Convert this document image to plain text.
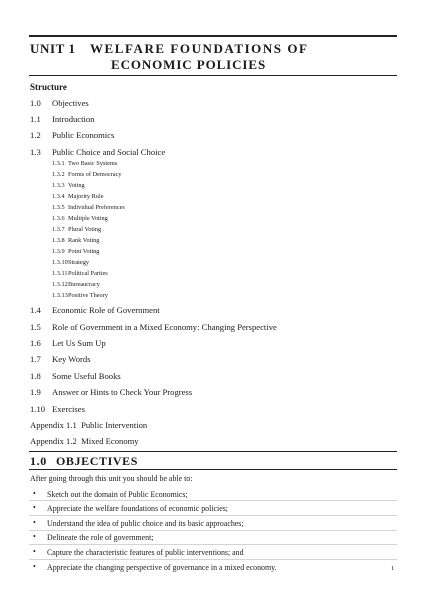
UNIT 1 WELFARE FOUNDATIONS OF
ECONOMIC POLICIES
Structure
1.0 Objectives
1.1 Introduction
1.2 Public Economics
1.3 Public Choice and Social Choice
1.3.1 Two Basic Systems
1.3.2 Forms of Democracy
1.3.3 Voting
1.3.4 Majority Rule
1.3.5 Individual Preferences
1.3.6 Multiple Voting
1.3.7 Plural Voting
1.3.8 Rank Voting
1.3.9 Point Voting
1.3.10 Strategy
1.3.11 Political Parties
1.3.12 Bureaucracy
1.3.13 Positive Theory
1.4 Economic Role of Government
1.5 Role of Government in a Mixed Economy: Changing Perspective
1.6 Let Us Sum Up
1.7 Key Words
1.8 Some Useful Books
1.9 Answer or Hints to Check Your Progress
1.10 Exercises
Appendix 1.1  Public Intervention
Appendix 1.2  Mixed Economy
1.0 OBJECTIVES
After going through this unit you should be able to:
• Sketch out the domain of Public Economics;
• Appreciate the welfare foundations of economic policies;
• Understand the idea of public choice and its basic approaches;
• Delineate the role of government;
• Capture the characteristic features of public interventions; and
• Appreciate the changing perspective of governance in a mixed economy.	1
